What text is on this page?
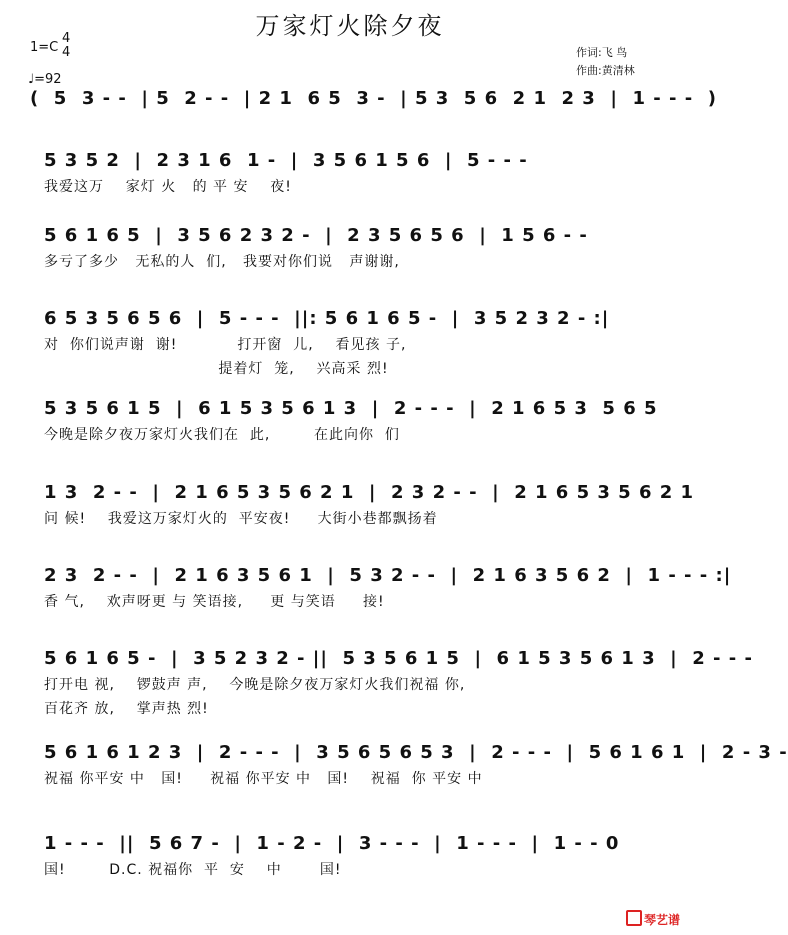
万家灯火除夕夜
1=C
4
4
♩=92
作词:飞 鸟
作曲:黄清林
(  5  3 - -  | 5  2 - -  | 2 1  6 5  3 -  | 5 3  5 6  2 1  2 3  |  1 - - -  )
5 3 5 2  |  2 3 1 6  1 -  |  3 5 6 1 5 6  |  5 - - -
我爱这万    家灯 火   的 平 安    夜!
5 6 1 6 5  |  3 5 6 2 3 2 -  |  2 3 5 6 5 6  |  1 5 6 - -
多亏了多少   无私的人  们,   我要对你们说   声谢谢,
6 5 3 5 6 5 6  |  5 - - -  ||: 5 6 1 6 5 -  |  3 5 2 3 2 - :|
对  你们说声谢  谢!           打开窗  儿,    看见孩 子,
提着灯  笼,    兴高采 烈!
5 3 5 6 1 5  |  6 1 5 3 5 6 1 3  |  2 - - -  |  2 1 6 5 3  5 6 5
今晚是除夕夜万家灯火我们在  此,        在此向你  们
1 3  2 - -  |  2 1 6 5 3 5 6 2 1  |  2 3 2 - -  |  2 1 6 5 3 5 6 2 1
问 候!    我爱这万家灯火的  平安夜!     大街小巷都飘扬着
2 3  2 - -  |  2 1 6 3 5 6 1  |  5 3 2 - -  |  2 1 6 3 5 6 2  |  1 - - - :|
香 气,    欢声呀更 与 笑语接,     更 与笑语     接!
5 6 1 6 5 -  |  3 5 2 3 2 - ||  5 3 5 6 1 5  |  6 1 5 3 5 6 1 3  |  2 - - -
打开电 视,    锣鼓声 声,    今晚是除夕夜万家灯火我们祝福 你,
百花齐 放,    掌声热 烈!
5 6 1 6 1 2 3  |  2 - - -  |  3 5 6 5 6 5 3  |  2 - - -  |  5 6 1 6 1  |  2 - 3 -
祝福 你平安 中   国!     祝福 你平安 中   国!    祝福  你 平安 中
1 - - -  ||  5 6 7 -  |  1 - 2 -  |  3 - - -  |  1 - - -  |  1 - - 0
国!        D.C. 祝福你  平  安    中       国!
琴艺谱
